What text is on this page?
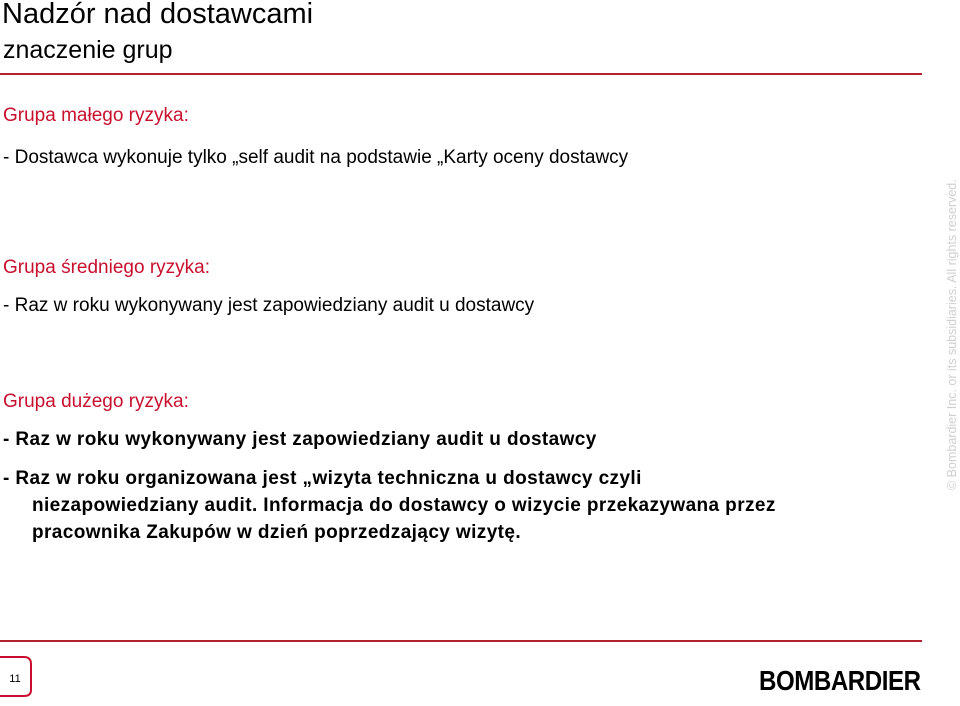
Nadzór nad dostawcami
znaczenie grup
Grupa małego ryzyka:
- Dostawca wykonuje tylko „self audit na podstawie „Karty oceny dostawcy
Grupa średniego ryzyka:
- Raz w roku wykonywany jest zapowiedziany audit u dostawcy
Grupa dużego ryzyka:
- Raz w roku wykonywany jest zapowiedziany audit u dostawcy
- Raz w roku organizowana jest „wizyta techniczna u dostawcy czyli
niezapowiedziany audit. Informacja do dostawcy o wizycie przekazywana przez
pracownika Zakupów w dzień poprzedzający wizytę.
© Bombardier Inc. or its subsidiaries. All rights reserved.
11	BOMBARDIER
